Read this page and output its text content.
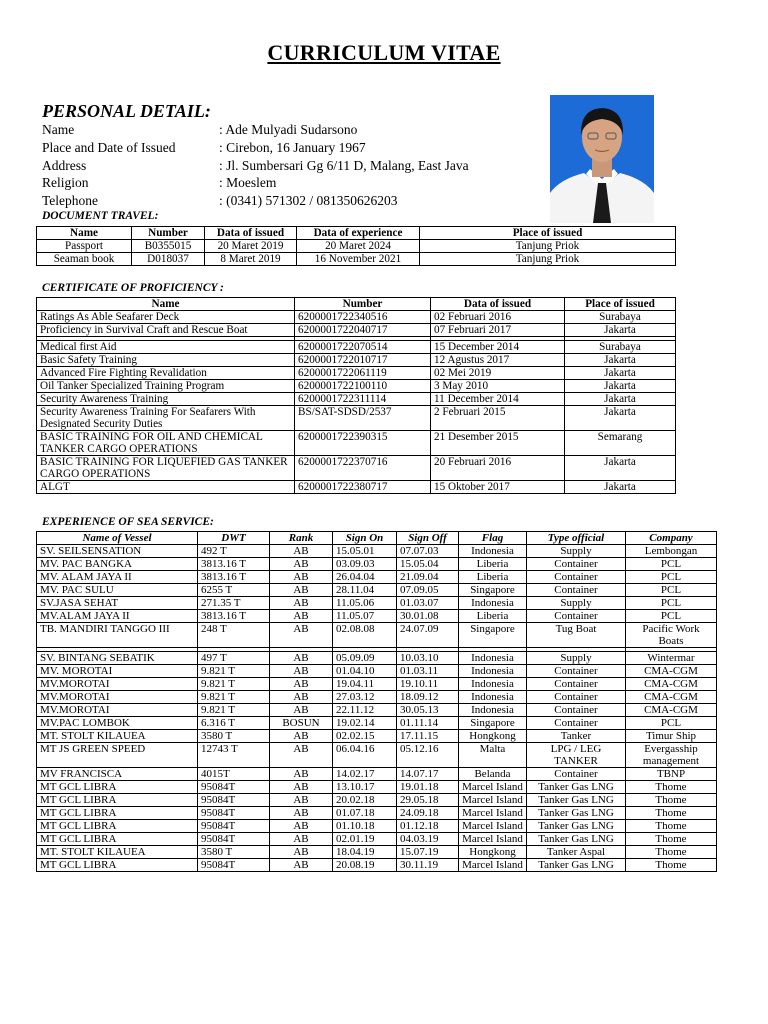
CURRICULUM VITAE
PERSONAL DETAIL:
Name	: Ade Mulyadi Sudarsono
Place and Date of Issued	: Cirebon, 16 January 1967
Address	: Jl. Sumbersari Gg 6/11 D, Malang, East Java
Religion	: Moeslem
Telephone	: (0341) 571302 / 081350626203
DOCUMENT TRAVEL:
Name	Number	Data of issued	Data of experience	Place of issued
Passport	B0355015	20 Maret 2019	20 Maret 2024	Tanjung Priok
Seaman book	D018037	8 Maret 2019	16 November 2021	Tanjung Priok
CERTIFICATE OF PROFICIENCY :
Name	Number	Data of issued	Place of issued
Ratings As Able Seafarer Deck	6200001722340516	02 Februari 2016	Surabaya
Proficiency in Survival Craft and Rescue Boat	6200001722040717	07 Februari 2017	Jakarta

Medical first Aid	6200001722070514	15 December 2014	Surabaya
Basic Safety Training	6200001722010717	12 Agustus 2017	Jakarta
Advanced Fire Fighting Revalidation	6200001722061119	02 Mei 2019	Jakarta
Oil Tanker Specialized Training Program	6200001722100110	3 May 2010	Jakarta
Security Awareness Training	6200001722311114	11 December 2014	Jakarta
Security Awareness Training For Seafarers With Designated Security Duties	BS/SAT-SDSD/2537	2 Februari 2015	Jakarta
BASIC TRAINING FOR OIL AND CHEMICAL TANKER CARGO OPERATIONS	6200001722390315	21 Desember 2015	Semarang
BASIC TRAINING FOR LIQUEFIED GAS TANKER CARGO OPERATIONS	6200001722370716	20 Februari 2016	Jakarta
ALGT	6200001722380717	15 Oktober 2017	Jakarta
EXPERIENCE OF SEA SERVICE:
Name of Vessel	DWT	Rank	Sign On	Sign Off	Flag	Type official	Company
SV. SEILSENSATION	492 T	AB	15.05.01	07.07.03	Indonesia	Supply	Lembongan
MV. PAC BANGKA	3813.16 T	AB	03.09.03	15.05.04	Liberia	Container	PCL
MV. ALAM JAYA II	3813.16 T	AB	26.04.04	21.09.04	Liberia	Container	PCL
MV. PAC SULU	6255 T	AB	28.11.04	07.09.05	Singapore	Container	PCL
SV.JASA SEHAT	271.35 T	AB	11.05.06	01.03.07	Indonesia	Supply	PCL
MV.ALAM JAYA II	3813.16 T	AB	11.05.07	30.01.08	Liberia	Container	PCL
TB. MANDIRI TANGGO III	248 T	AB	02.08.08	24.07.09	Singapore	Tug Boat	Pacific Work Boats

SV. BINTANG SEBATIK	497 T	AB	05.09.09	10.03.10	Indonesia	Supply	Wintermar
MV. MOROTAI	9.821 T	AB	01.04.10	01.03.11	Indonesia	Container	CMA-CGM
MV.MOROTAI	9.821 T	AB	19.04.11	19.10.11	Indonesia	Container	CMA-CGM
MV.MOROTAI	9.821 T	AB	27.03.12	18.09.12	Indonesia	Container	CMA-CGM
MV.MOROTAI	9.821 T	AB	22.11.12	30.05.13	Indonesia	Container	CMA-CGM
MV.PAC LOMBOK	6.316 T	BOSUN	19.02.14	01.11.14	Singapore	Container	PCL
MT. STOLT KILAUEA	3580 T	AB	02.02.15	17.11.15	Hongkong	Tanker	Timur Ship
MT JS GREEN SPEED	12743 T	AB	06.04.16	05.12.16	Malta	LPG / LEG TANKER	Evergasship management
MV FRANCISCA	4015T	AB	14.02.17	14.07.17	Belanda	Container	TBNP
MT GCL LIBRA	95084T	AB	13.10.17	19.01.18	Marcel Island	Tanker Gas LNG	Thome
MT GCL LIBRA	95084T	AB	20.02.18	29.05.18	Marcel Island	Tanker Gas LNG	Thome
MT GCL LIBRA	95084T	AB	01.07.18	24.09.18	Marcel Island	Tanker Gas LNG	Thome
MT GCL LIBRA	95084T	AB	01.10.18	01.12.18	Marcel Island	Tanker Gas LNG	Thome
MT GCL LIBRA	95084T	AB	02.01.19	04.03.19	Marcel Island	Tanker Gas LNG	Thome
MT. STOLT KILAUEA	3580 T	AB	18.04.19	15.07.19	Hongkong	Tanker Aspal	Thome
MT GCL LIBRA	95084T	AB	20.08.19	30.11.19	Marcel Island	Tanker Gas LNG	Thome
